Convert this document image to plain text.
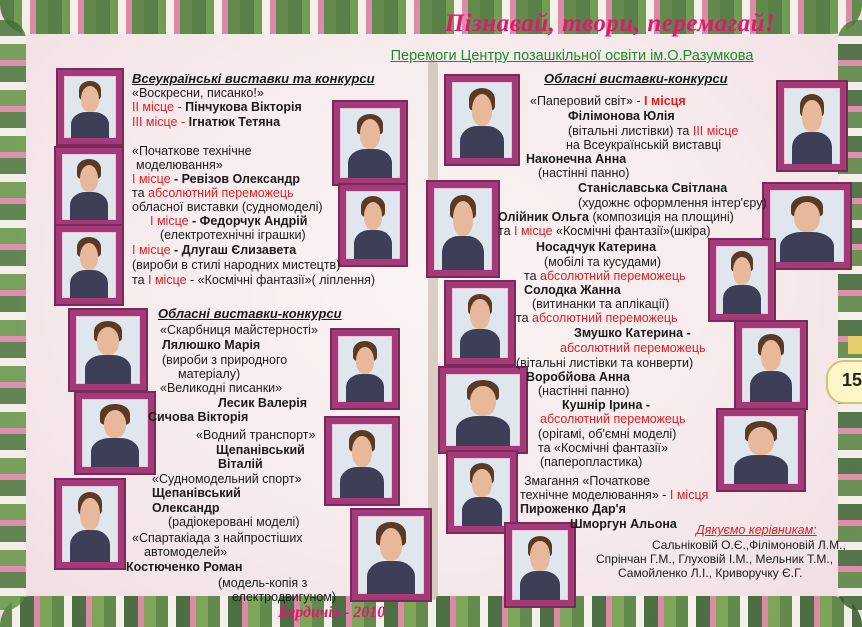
Пізнавай, твори, перемагай!
Перемоги Центру позашкільної освіти ім.О.Разумкова
Всеукраїнські виставки та конкурси
«Воскресни, писанко!»
ІІ місце - Пінчукова Вікторія
ІІІ місце - Ігнатюк Тетяна
«Початкове технічне
моделювання»
І місце - Ревізов Олександр
та абсолютний переможець
обласної виставки (судномоделі)
І місце - Федорчук Андрій
(електротехнічні іграшки)
І місце - Длугаш Єлизавета
(вироби в стилі народних мистецтв)
та І місце - «Космічні фантазії»( ліплення)
Обласні виставки-конкурси
«Скарбниця майстерності»
Лялюшко Марія
(вироби з природного
матеріалу)
«Великодні писанки»
Лесик Валерія
Сичова Вікторія
«Водний транспорт»
Щепанівський
Віталій
«Судномодельний спорт»
Щепанівський
Олександр
(радіокеровані моделі)
«Спартакіада з найпростіших
автомоделей»
Костюченко Роман
(модель-копія з
електродвигуном)
Обласні виставки-конкурси
«Паперовий світ» - І місця
Філімонова Юлія
(вітальні листівки) та ІІІ місце
на Всеукраїнській виставці
Наконечна Анна
(настінні панно)
Станіславська Світлана
(художнє оформлення інтер'єру)
Олійник Ольга (композиція на площині)
та І місце «Космічні фантазії»(шкіра)
Носадчук Катерина
(мобілі та кусудами)
та абсолютний переможець
Солодка Жанна
(витинанки та аплікації)
та абсолютний переможець
Змушко Катерина -
абсолютний переможець
(вітальні листівки та конверти)
Воробйова Анна
(настінні панно)
Кушнір Ірина -
абсолютний переможець
(орігамі, об'ємні моделі)
та «Космічні фантазії»
(паперопластика)
Змагання «Початкове
технічне моделювання» - І місця
Пироженко Дар'я
Шморгун Альона Дякуємо керівникам:
Сальніковій О.Є.,Філімоновій Л.М.,
Спрінчан Г.М., Глуховій І.М., Мельник Т.М.,
Самойленко Л.І., Криворучку Є.Г.
Бердичів - 2010
15
